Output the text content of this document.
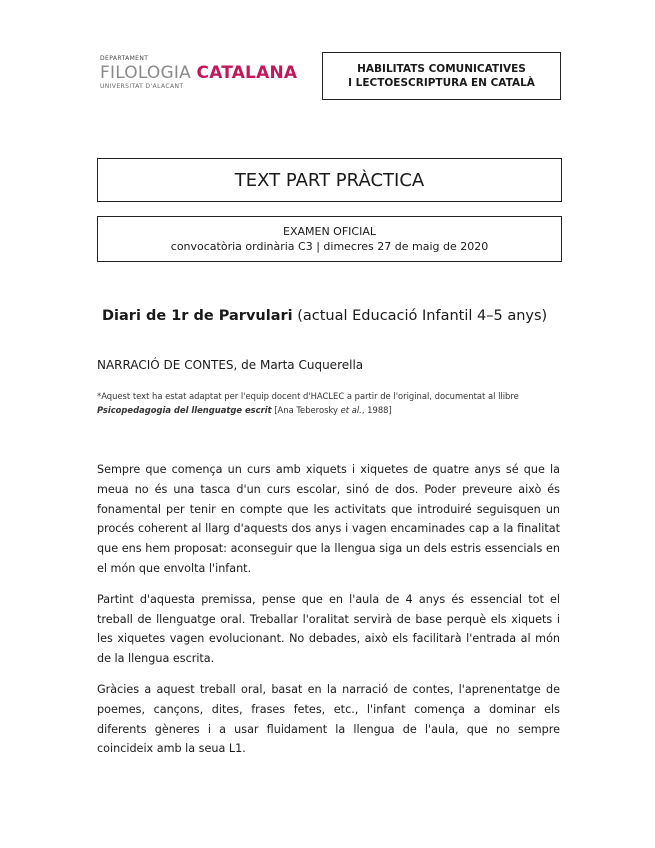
DEPARTAMENT
FILOLOGIA CATALANA
UNIVERSITAT D'ALACANT
HABILITATS COMUNICATIVES
I LECTOESCRIPTURA EN CATALÀ
TEXT PART PRÀCTICA
EXAMEN OFICIAL
convocatòria ordinària C3 | dimecres 27 de maig de 2020
Diari de 1r de Parvulari (actual Educació Infantil 4–5 anys)
NARRACIÓ DE CONTES, de Marta Cuquerella
*Aquest text ha estat adaptat per l'equip docent d'HACLEC a partir de l'original, documentat al llibre Psicopedagogia del llenguatge escrit [Ana Teberosky et al., 1988]

Sempre que comença un curs amb xiquets i xiquetes de quatre anys sé que la meua no és una tasca d'un curs escolar, sinó de dos. Poder preveure això és fonamental per tenir en compte que les activitats que introduiré seguisquen un procés coherent al llarg d'aquests dos anys i vagen encaminades cap a la finalitat que ens hem proposat: aconseguir que la llengua siga un dels estris essencials en el món que envolta l'infant.

Partint d'aquesta premissa, pense que en l'aula de 4 anys és essencial tot el treball de llenguatge oral. Treballar l'oralitat servirà de base perquè els xiquets i les xiquetes vagen evolucionant. No debades, això els facilitarà l'entrada al món de la llengua escrita.

Gràcies a aquest treball oral, basat en la narració de contes, l'aprenentatge de poemes, cançons, dites, frases fetes, etc., l'infant comença a dominar els diferents gèneres i a usar fluidament la llengua de l'aula, que no sempre coincideix amb la seua L1.
